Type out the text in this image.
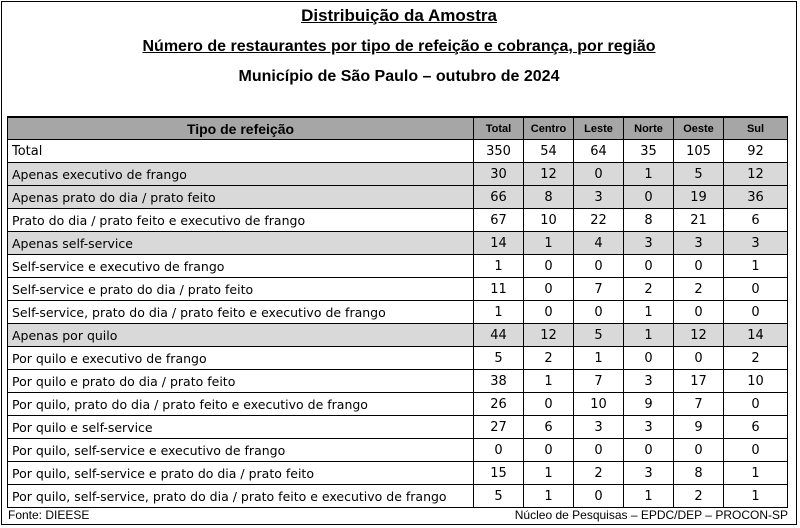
Distribuição da Amostra
Número de restaurantes por tipo de refeição e cobrança, por região
Município de São Paulo – outubro de 2024
Tipo de refeição	Total	Centro	Leste	Norte	Oeste	Sul
Total	350	54	64	35	105	92
Apenas executivo de frango	30	12	0	1	5	12
Apenas prato do dia / prato feito	66	8	3	0	19	36
Prato do dia / prato feito e executivo de frango	67	10	22	8	21	6
Apenas self-service	14	1	4	3	3	3
Self-service e executivo de frango	1	0	0	0	0	1
Self-service e prato do dia / prato feito	11	0	7	2	2	0
Self-service, prato do dia / prato feito e executivo de frango	1	0	0	1	0	0
Apenas por quilo	44	12	5	1	12	14
Por quilo e executivo de frango	5	2	1	0	0	2
Por quilo e prato do dia / prato feito	38	1	7	3	17	10
Por quilo, prato do dia / prato feito e executivo de frango	26	0	10	9	7	0
Por quilo e self-service	27	6	3	3	9	6
Por quilo, self-service e executivo de frango	0	0	0	0	0	0
Por quilo, self-service e prato do dia / prato feito	15	1	2	3	8	1
Por quilo, self-service, prato do dia / prato feito e executivo de frango	5	1	0	1	2	1
Fonte: DIEESE	Núcleo de Pesquisas – EPDC/DEP – PROCON-SP
